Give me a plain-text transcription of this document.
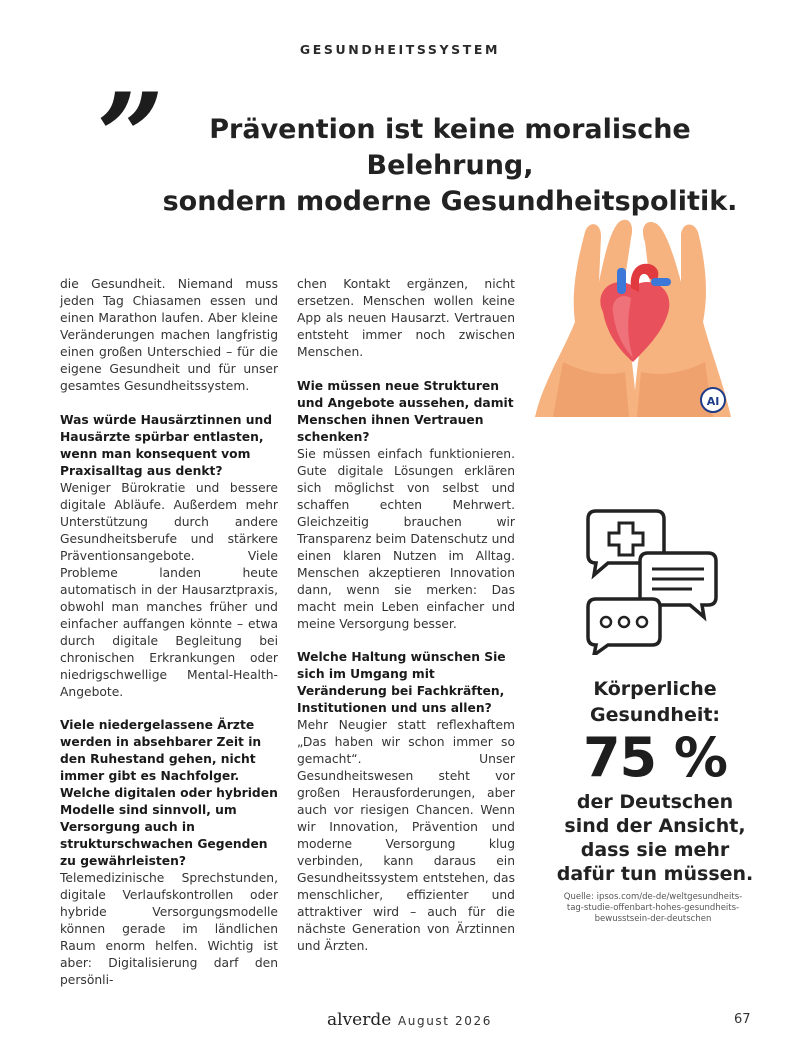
GESUNDHEITSSYSTEM
”	Prävention ist keine moralische Belehrung,
sondern moderne Gesundheitspolitik.

die Gesundheit. Niemand muss jeden Tag Chiasamen essen und einen Marathon laufen. Aber kleine Veränderungen machen langfristig einen großen Unterschied – für die eigene Gesundheit und für unser gesamtes Gesundheitssystem.

Was würde Hausärztinnen und Hausärzte spürbar entlasten, wenn man konsequent vom Praxisalltag aus denkt?

Weniger Bürokratie und bessere digitale Abläufe. Außerdem mehr Unterstützung durch andere Gesundheitsberufe und stärkere Präventionsangebote. Viele Probleme landen heute automatisch in der Hausarztpraxis, obwohl man manches früher und einfacher auffangen könnte – etwa durch digitale Begleitung bei chronischen Erkrankungen oder niedrigschwellige Mental-Health-Angebote.

Viele niedergelassene Ärzte werden in absehbarer Zeit in den Ruhestand gehen, nicht immer gibt es Nachfolger. Welche digitalen oder hybriden Modelle sind sinnvoll, um Versorgung auch in strukturschwachen Gegenden zu gewährleisten?

Telemedizinische Sprechstunden, digitale Verlaufskontrollen oder hybride Versorgungsmodelle können gerade im ländlichen Raum enorm helfen. Wichtig ist aber: Digitalisierung darf den persönli-

chen Kontakt ergänzen, nicht ersetzen. Menschen wollen keine App als neuen Hausarzt. Vertrauen entsteht immer noch zwischen Menschen.

Wie müssen neue Strukturen und Angebote aussehen, damit Menschen ihnen Vertrauen schenken?

Sie müssen einfach funktionieren. Gute digitale Lösungen erklären sich möglichst von selbst und schaffen echten Mehrwert. Gleichzeitig brauchen wir Transparenz beim Datenschutz und einen klaren Nutzen im Alltag. Menschen akzeptieren Innovation dann, wenn sie merken: Das macht mein Leben einfacher und meine Versorgung besser.

Welche Haltung wünschen Sie sich im Umgang mit Veränderung bei Fachkräften, Institutionen und uns allen?

Mehr Neugier statt reflexhaftem „Das haben wir schon immer so gemacht“. Unser Gesundheitswesen steht vor großen Herausforderungen, aber auch vor riesigen Chancen. Wenn wir Innovation, Prävention und moderne Versorgung klug verbinden, kann daraus ein Gesundheitssystem entstehen, das menschlicher, effizienter und attraktiver wird – auch für die nächste Generation von Ärztinnen und Ärzten.

AI
Körperliche
Gesundheit:
75 %
der Deutschen
sind der Ansicht,
dass sie mehr
dafür tun müssen.
Quelle: ipsos.com/de-de/weltgesundheits-
tag-studie-offenbart-hohes-gesundheits-
bewusstsein-der-deutschen
alverde August 2026	67
